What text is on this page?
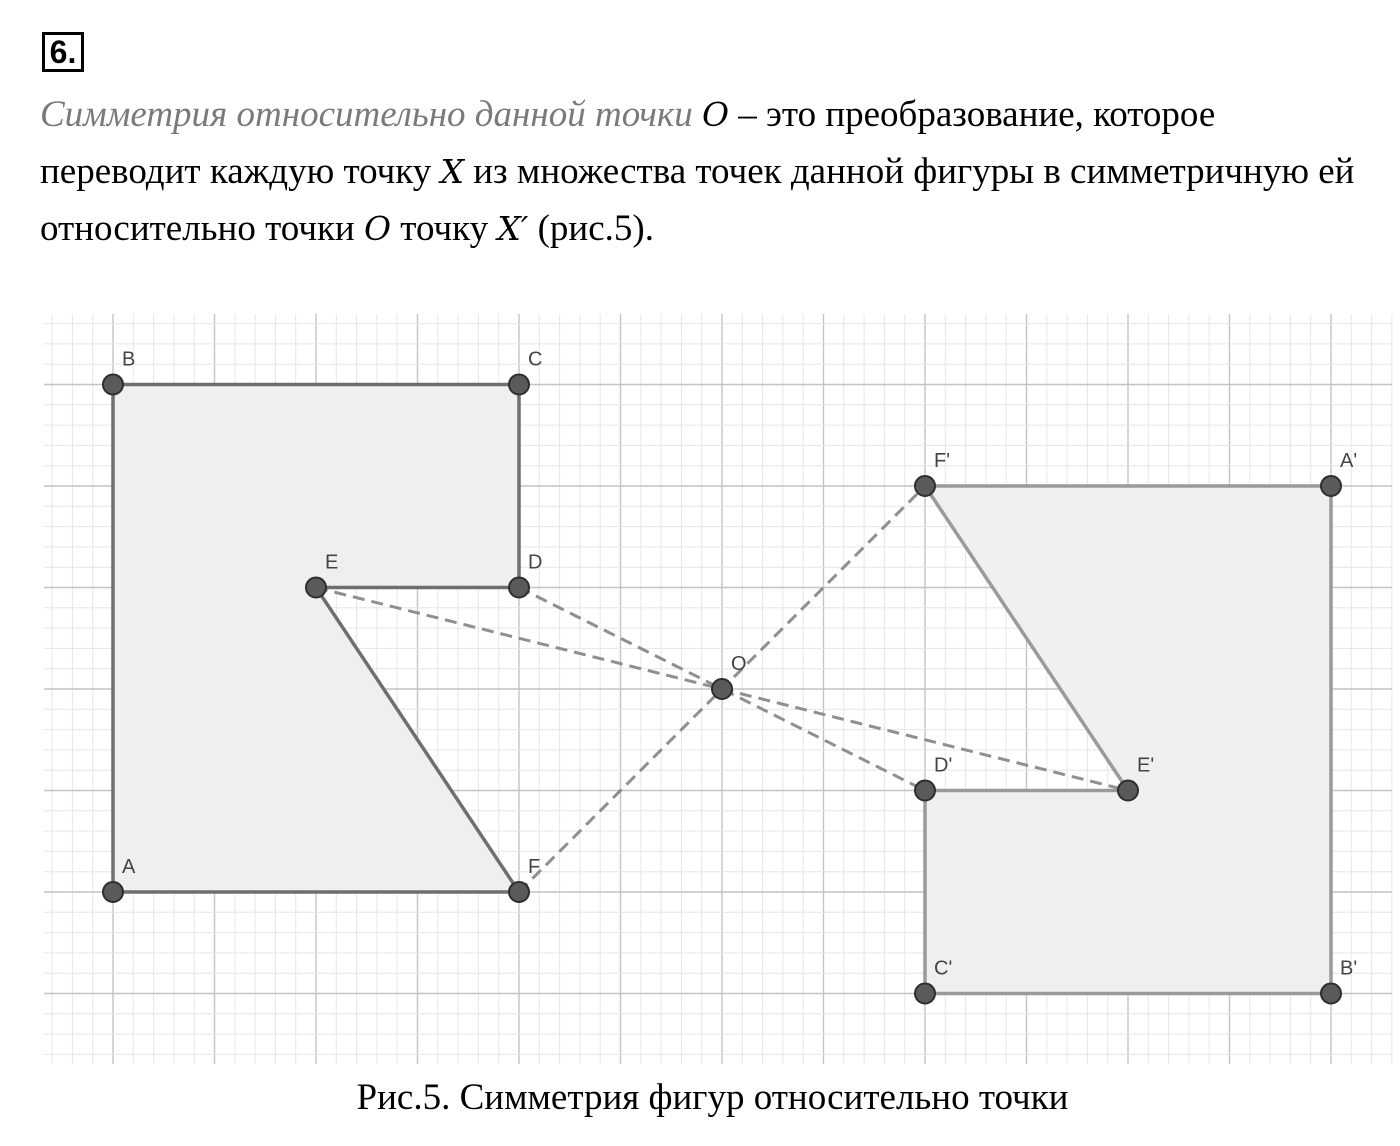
6.
Симметрия относительно данной точки O – это преобразование, которое переводит каждую точку X из множества точек данной фигуры в симметричную ей относительно точки O точку X′ (рис.5).
A
B	C
D
E
F
O
A'
B'
C'
D'	E'
F'
Рис.5. Симметрия фигур относительно точки
